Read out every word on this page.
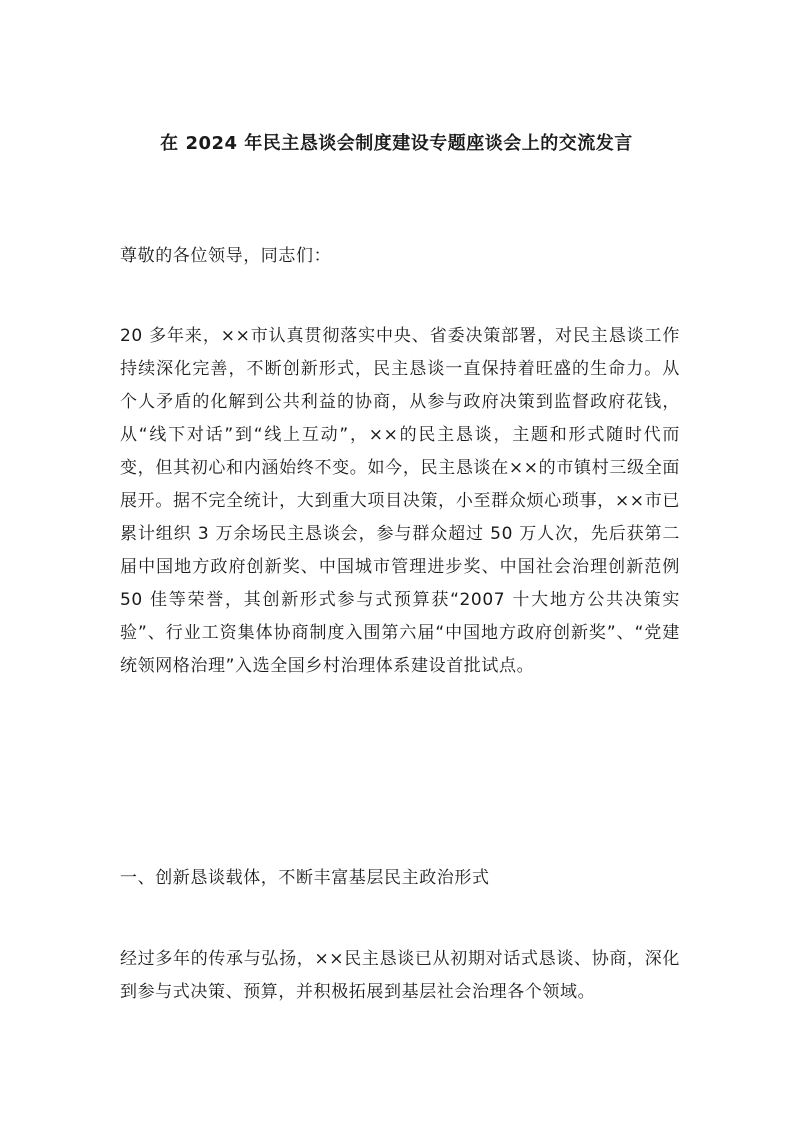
在 2024 年民主恳谈会制度建设专题座谈会上的交流发言

尊敬的各位领导，同志们：

20 多年来，××市认真贯彻落实中央、省委决策部署，对民主恳谈工作持续深化完善，不断创新形式，民主恳谈一直保持着旺盛的生命力。从个人矛盾的化解到公共利益的协商，从参与政府决策到监督政府花钱，从“线下对话”到“线上互动”，××的民主恳谈，主题和形式随时代而变，但其初心和内涵始终不变。如今，民主恳谈在××的市镇村三级全面展开。据不完全统计，大到重大项目决策，小至群众烦心琐事，××市已累计组织 3 万余场民主恳谈会，参与群众超过 50 万人次，先后获第二届中国地方政府创新奖、中国城市管理进步奖、中国社会治理创新范例 50 佳等荣誉，其创新形式参与式预算获“2007 十大地方公共决策实验”、行业工资集体协商制度入围第六届“中国地方政府创新奖”、“党建统领网格治理”入选全国乡村治理体系建设首批试点。

一、创新恳谈载体，不断丰富基层民主政治形式

经过多年的传承与弘扬，××民主恳谈已从初期对话式恳谈、协商，深化到参与式决策、预算，并积极拓展到基层社会治理各个领域。
